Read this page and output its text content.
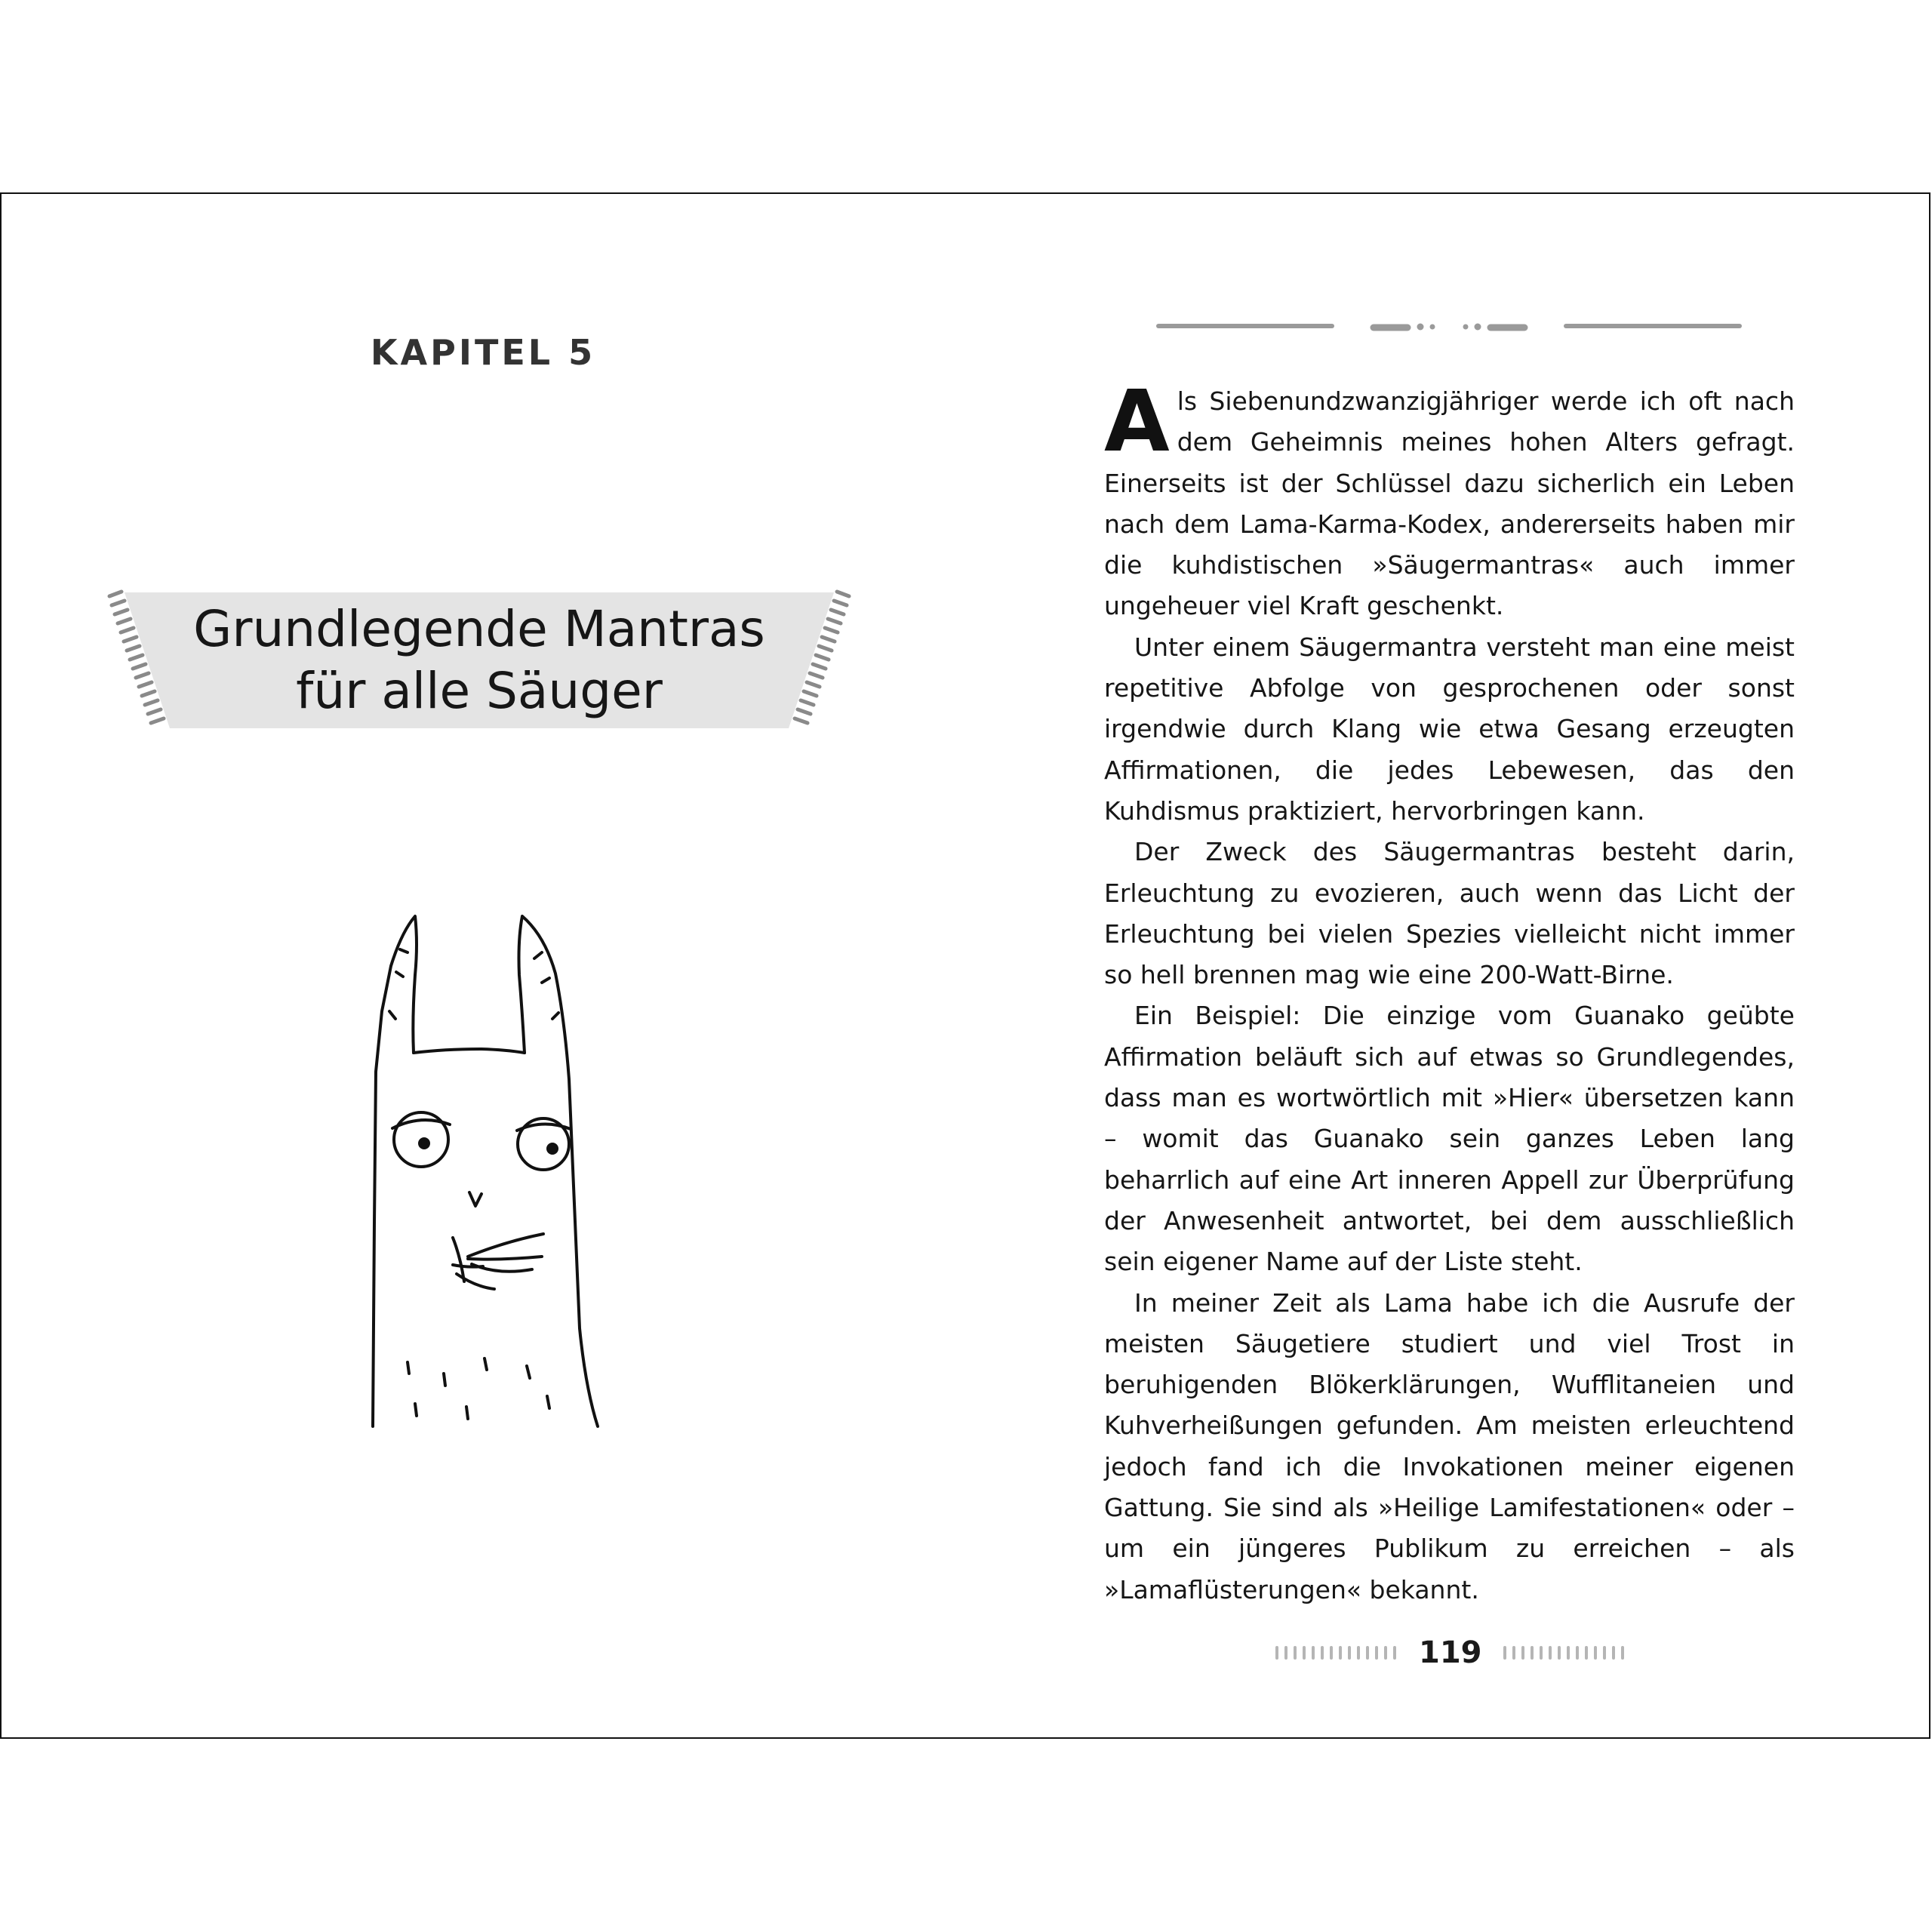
KAPITEL 5
Grundlegende Mantras
für alle Säuger

Als Siebenundzwanzigjähriger werde ich oft nach dem Geheimnis meines hohen Alters gefragt. Einerseits ist der Schlüssel dazu sicherlich ein Leben nach dem Lama-Karma-Kodex, andererseits haben mir die kuhdistischen »Säugermantras« auch immer ungeheuer viel Kraft geschenkt.

Unter einem Säugermantra versteht man eine meist repetitive Abfolge von gesprochenen oder sonst irgendwie durch Klang wie etwa Gesang erzeugten Affirmationen, die jedes Lebewesen, das den Kuhdismus praktiziert, hervorbringen kann.

Der Zweck des Säugermantras besteht darin, Erleuchtung zu evozieren, auch wenn das Licht der Erleuchtung bei vielen Spezies vielleicht nicht immer so hell brennen mag wie eine 200-Watt-Birne.

Ein Beispiel: Die einzige vom Guanako geübte Affirmation beläuft sich auf etwas so Grundlegendes, dass man es wortwörtlich mit »Hier« übersetzen kann – womit das Guanako sein ganzes Leben lang beharrlich auf eine Art inneren Appell zur Überprüfung der Anwesenheit antwortet, bei dem ausschließlich sein eigener Name auf der Liste steht.

In meiner Zeit als Lama habe ich die Ausrufe der meisten Säugetiere studiert und viel Trost in beruhigenden Blökerklärungen, Wufflitaneien und Kuhverheißungen gefunden. Am meisten erleuchtend jedoch fand ich die Invokationen meiner eigenen Gattung. Sie sind als »Heilige Lamifestationen« oder – um ein jüngeres Publikum zu erreichen – als »Lamaflüsterungen« bekannt.

119
